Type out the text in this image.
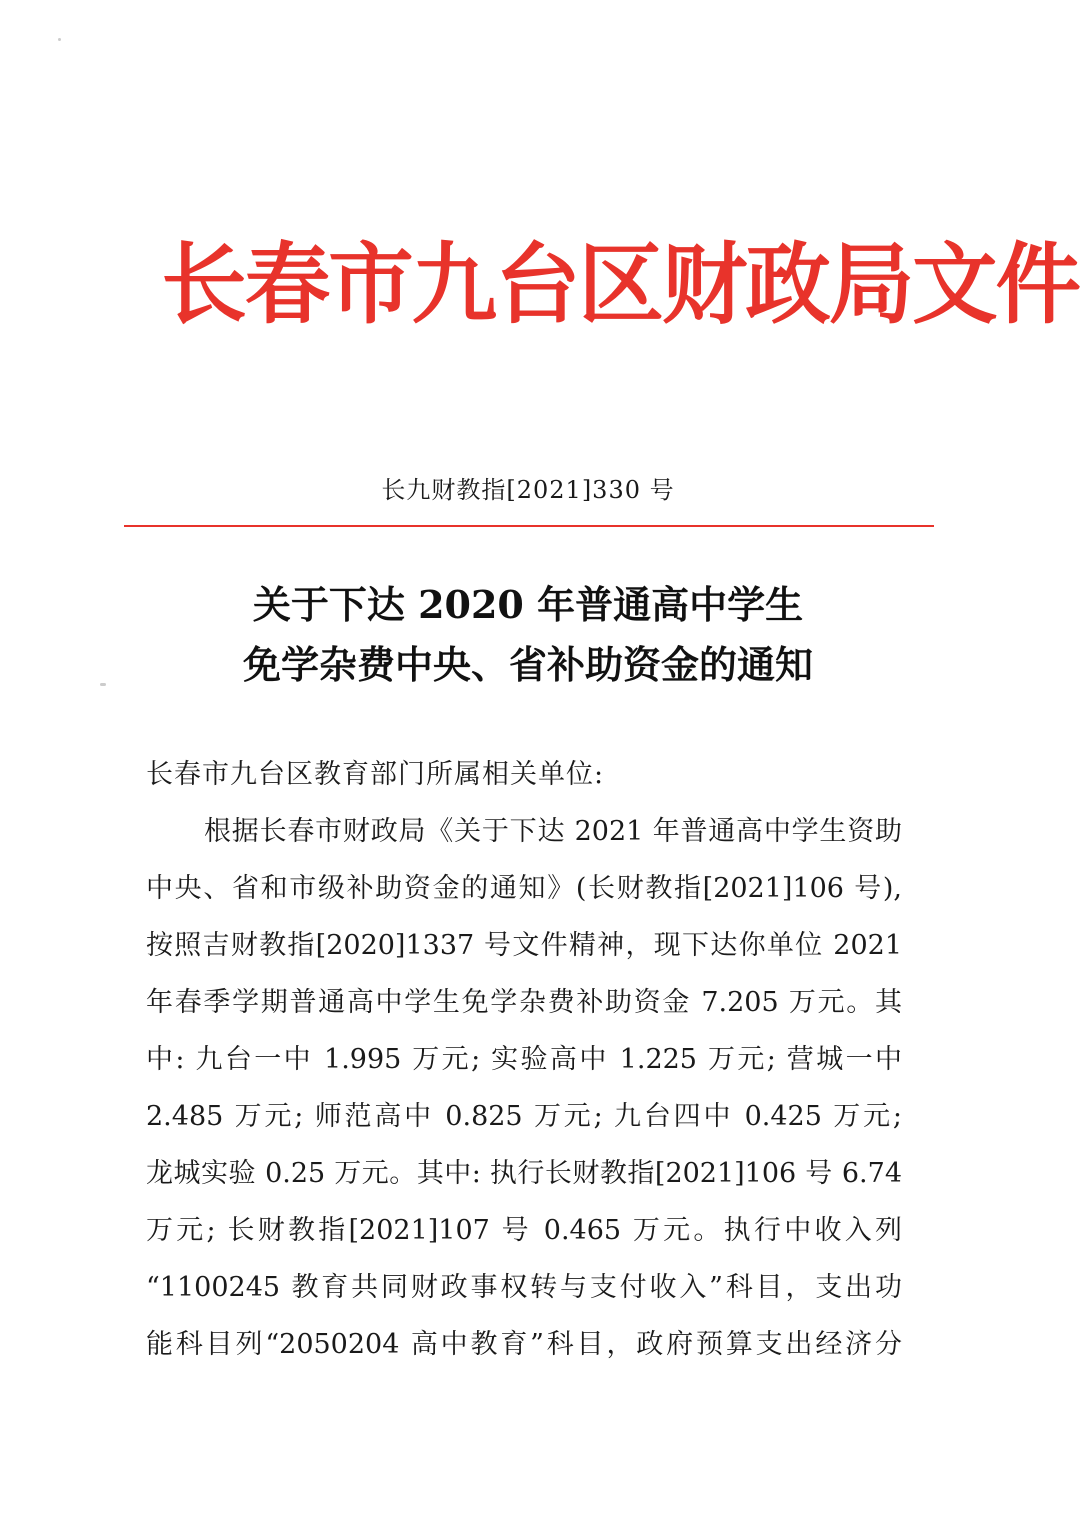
长春市九台区财政局文件
长九财教指[2021]330 号
关于下达 2020 年普通高中学生
免学杂费中央、省补助资金的通知
长春市九台区教育部门所属相关单位:
根据长春市财政局《关于下达 2021 年普通高中学生资助
中央、省和市级补助资金的通知》(长财教指[2021]106 号),
按照吉财教指[2020]1337 号文件精神，现下达你单位 2021
年春季学期普通高中学生免学杂费补助资金 7.205 万元。其
中: 九台一中 1.995 万元; 实验高中 1.225 万元; 营城一中
2.485 万元; 师范高中 0.825 万元; 九台四中 0.425 万元;
龙城实验 0.25 万元。其中: 执行长财教指[2021]106 号 6.74
万元; 长财教指[2021]107 号 0.465 万元。执行中收入列
“1100245 教育共同财政事权转与支付收入”科目，支出功
能科目列“2050204 高中教育”科目，政府预算支出经济分
